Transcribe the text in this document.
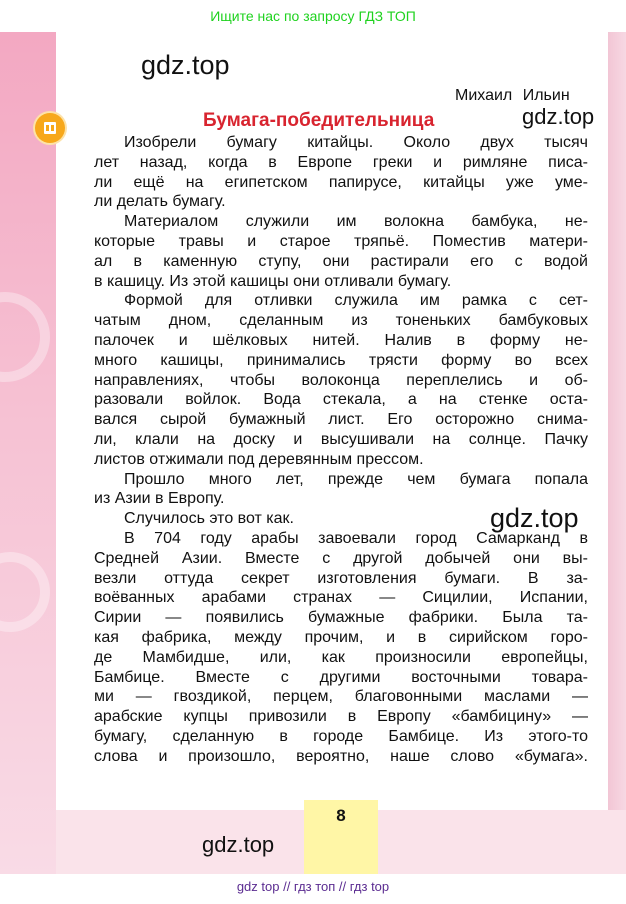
Ищите нас по запросу ГДЗ ТОП
gdz.top
gdz.top
gdz.top
gdz.top
Михаил Ильин
Бумага-победительница
Изобрели бумагу китайцы. Около двух тысяч
лет назад, когда в Европе греки и римляне писа-
ли ещё на египетском папирусе, китайцы уже уме-
ли делать бумагу.
Материалом служили им волокна бамбука, не-
которые травы и старое тряпьё. Поместив матери-
ал в каменную ступу, они растирали его с водой
в кашицу. Из этой кашицы они отливали бумагу.
Формой для отливки служила им рамка с сет-
чатым дном, сделанным из тоненьких бамбуковых
палочек и шёлковых нитей. Налив в форму не-
много кашицы, принимались трясти форму во всех
направлениях, чтобы волоконца переплелись и об-
разовали войлок. Вода стекала, а на стенке оста-
вался сырой бумажный лист. Его осторожно снима-
ли, клали на доску и высушивали на солнце. Пачку
листов отжимали под деревянным прессом.
Прошло много лет, прежде чем бумага попала
из Азии в Европу.
Случилось это вот как.
В 704 году арабы завоевали город Самарканд в
Средней Азии. Вместе с другой добычей они вы-
везли оттуда секрет изготовления бумаги. В за-
воёванных арабами странах — Сицилии, Испании,
Сирии — появились бумажные фабрики. Была та-
кая фабрика, между прочим, и в сирийском горо-
де Мамбидше, или, как произносили европейцы,
Бамбице. Вместе с другими восточными товара-
ми — гвоздикой, перцем, благовонными маслами —
арабские купцы привозили в Европу «бамбицину» —
бумагу, сделанную в городе Бамбице. Из этого-то
слова и произошло, вероятно, наше слово «бумага».
8
gdz top // гдз топ // гдз top
